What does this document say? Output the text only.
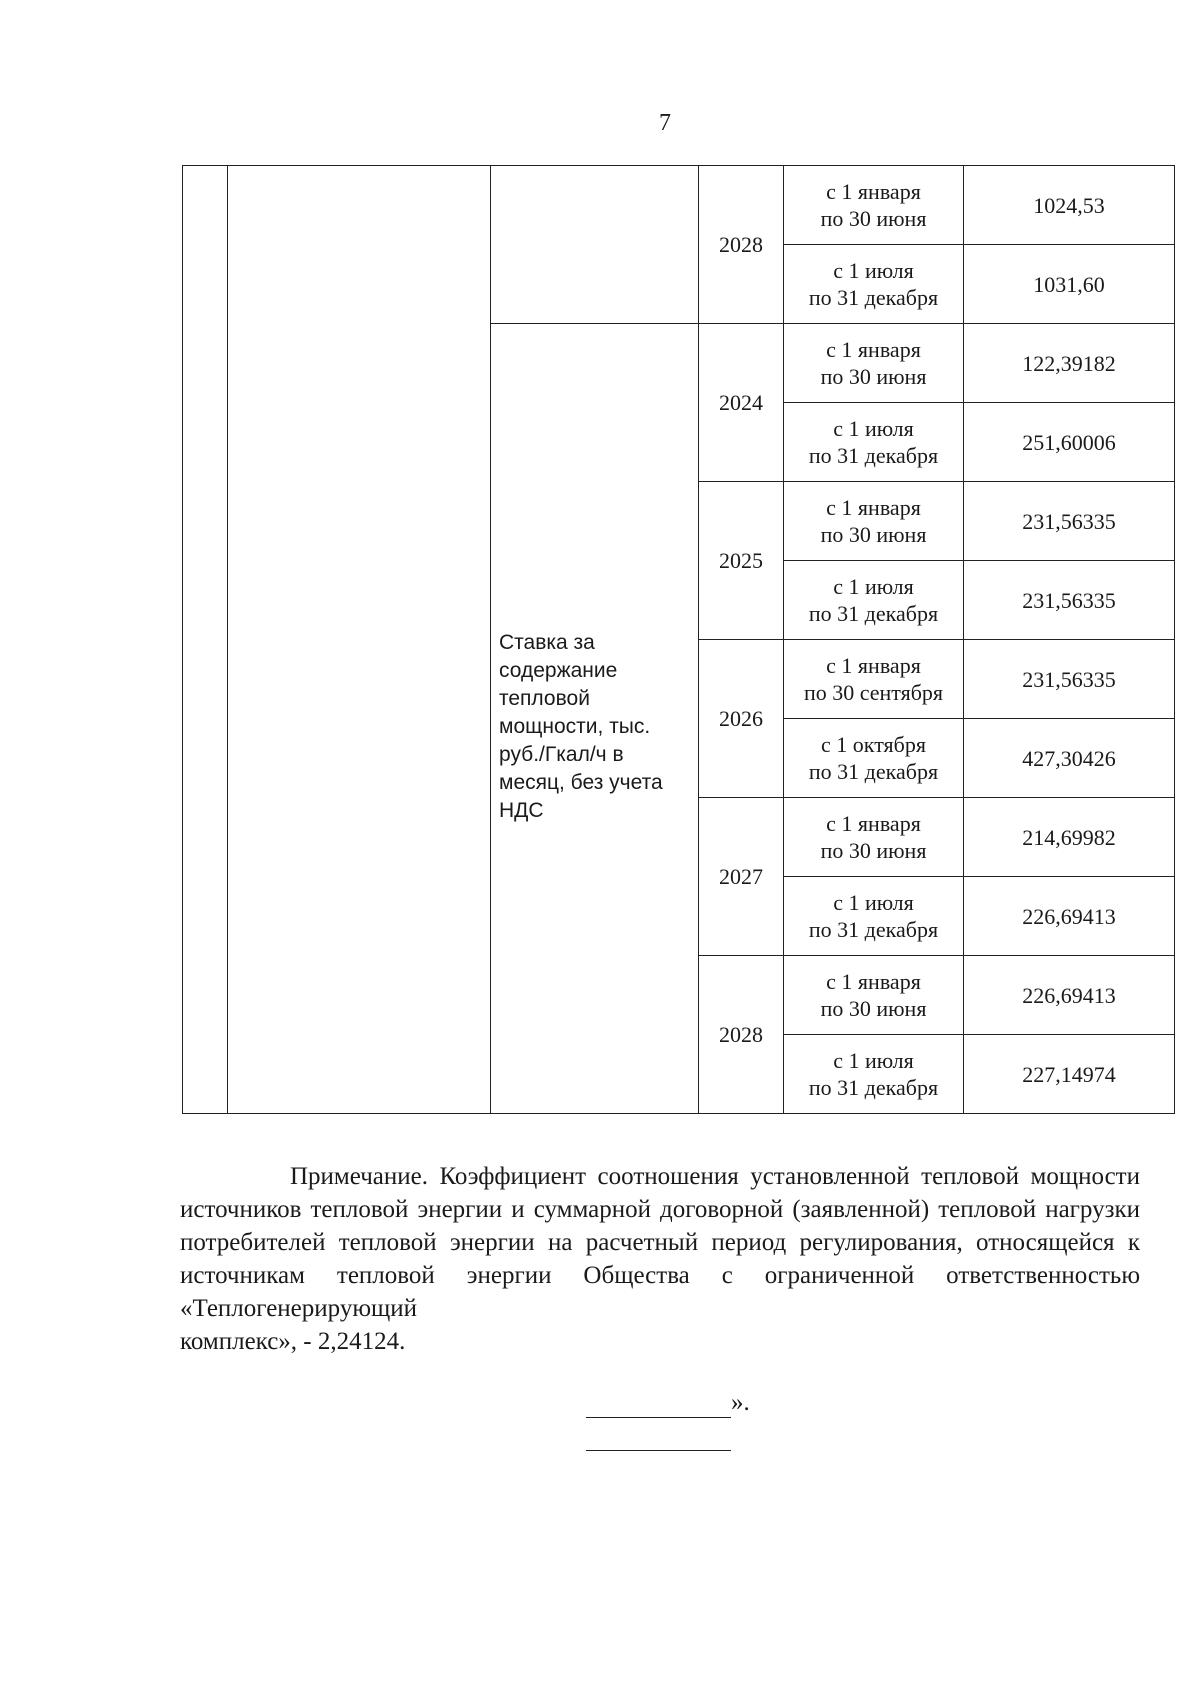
7
			2028	с 1 января
по 30 июня	1024,53
				с 1 июля
по 31 декабря	1031,60

		Ставка за содержание тепловой мощности, тыс. руб./Гкал/ч в месяц, без учета НДС	2024	с 1 января
по 30 июня	122,39182
				с 1 июля
по 31 декабря	251,60006
			2025	с 1 января
по 30 июня	231,56335
				с 1 июля
по 31 декабря	231,56335
			2026	с 1 января
по 30 сентября	231,56335
				с 1 октября
по 31 декабря	427,30426
			2027	с 1 января
по 30 июня	214,69982
				с 1 июля
по 31 декабря	226,69413
			2028	с 1 января
по 30 июня	226,69413
				с 1 июля
по 31 декабря	227,14974
Примечание. Коэффициент соотношения установленной тепловой мощности источников тепловой энергии и суммарной договорной (заявленной) тепловой нагрузки потребителей тепловой энергии на расчетный период регулирования, относящейся к источникам тепловой энергии Общества с ограниченной ответственностью «Теплогенерирующий
комплекс», - 2,24124.
».
